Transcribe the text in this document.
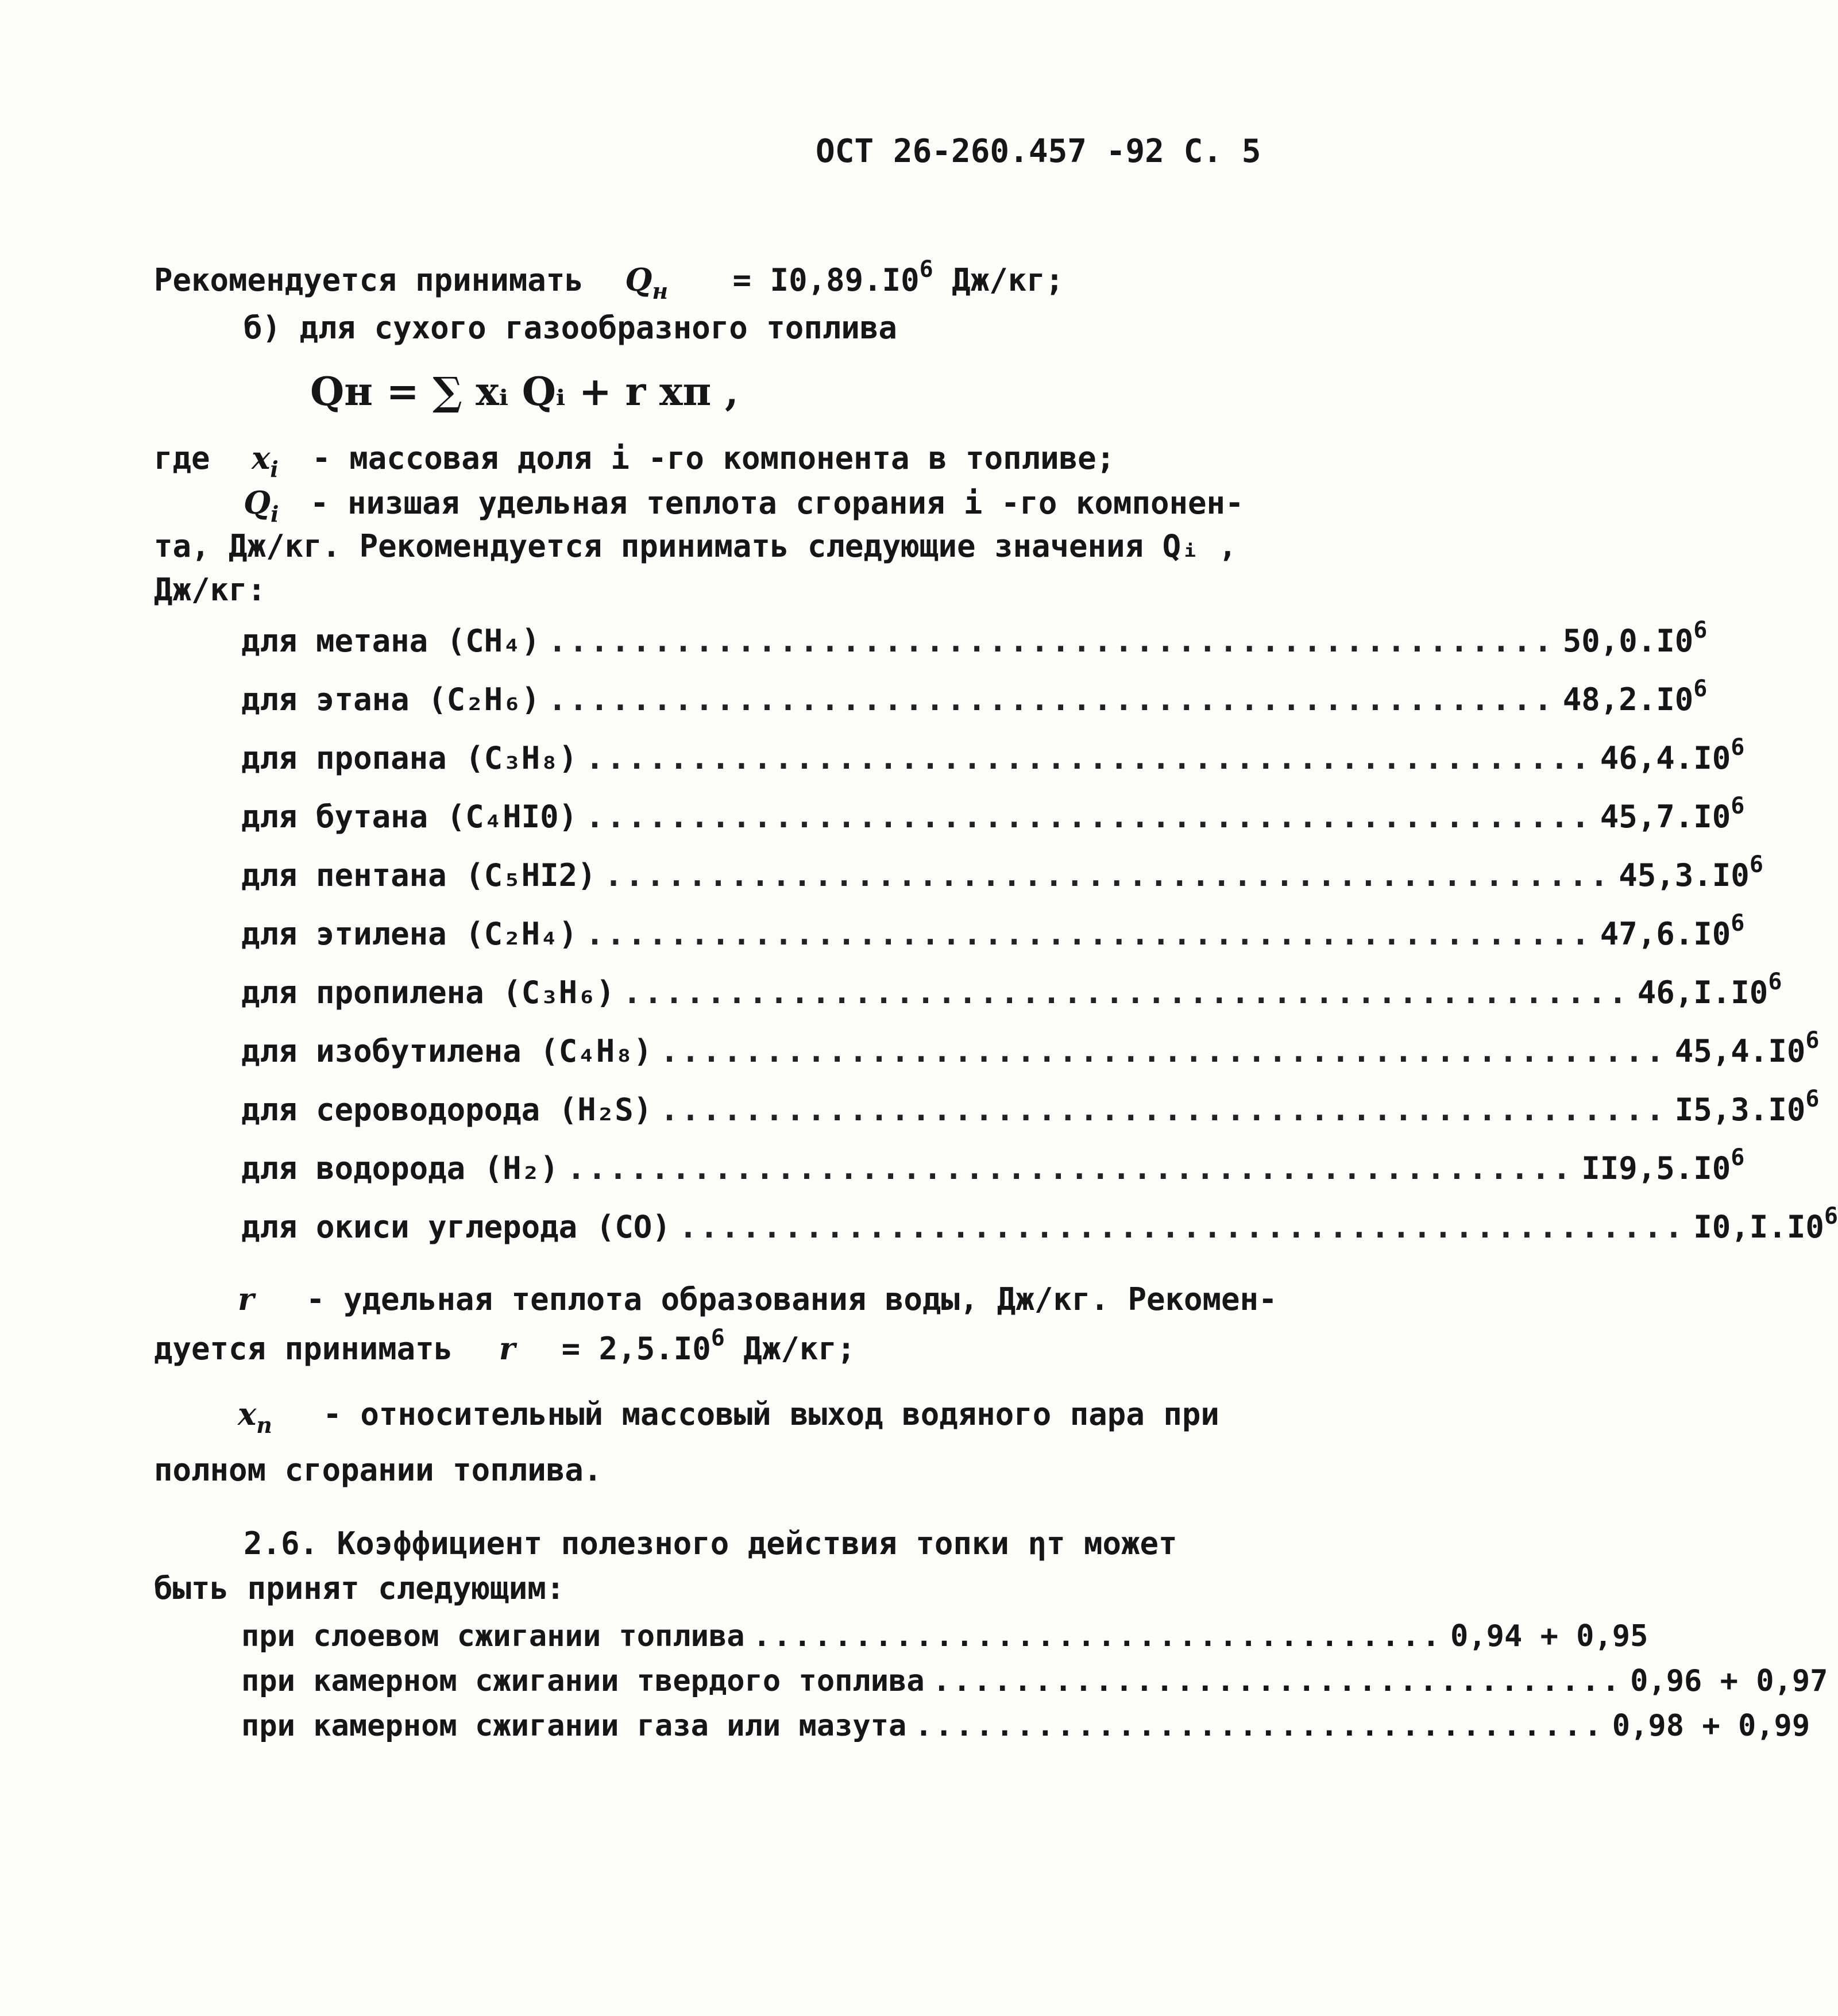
ОСТ 26-260.457 -92 С. 5
Рекомендуется принимать $Q_н = I0,89.I0^6$ Дж/кг;
б) для сухого газообразного топлива
Qн = ∑ xᵢ Qᵢ + r xп ,
где $x_i$ - массовая доля i -го компонента в топливе;
$Q_i$ - низшая удельная теплота сгорания i -го компонен-
та, Дж/кг. Рекомендуется принимать следующие значения Qᵢ ,
Дж/кг:
для метана (CH₄) ................................................ $50,0.I0^6$
для этана (C₂H₆) ................................................ $48,2.I0^6$
для пропана (C₃H₈) ................................................ $46,4.I0^6$
для бутана (C₄HI0) ................................................ $45,7.I0^6$
для пентана (C₅HI2) ................................................ $45,3.I0^6$
для этилена (C₂H₄) ................................................ $47,6.I0^6$
для пропилена (C₃H₆) ................................................ $46,I.I0^6$
для изобутилена (C₄H₈) ................................................ $45,4.I0^6$
для сероводорода (H₂S) ................................................ $I5,3.I0^6$
для водорода (H₂) ................................................ $II9,5.I0^6$
для окиси углерода (CO) ................................................ $I0,I.I0^6$
r - удельная теплота образования воды, Дж/кг. Рекомен-
дуется принимать $r = 2,5.I0^6$ Дж/кг;
$x_п$ - относительный массовый выход водяного пара при
полном сгорании топлива.
2.6. Коэффициент полезного действия топки ηт может
быть принят следующим:
при слоевом сжигании топлива .................................. 0,94 + 0,95
при камерном сжигании твердого топлива .................................. 0,96 + 0,97
при камерном сжигании газа или мазута .................................. 0,98 + 0,99
